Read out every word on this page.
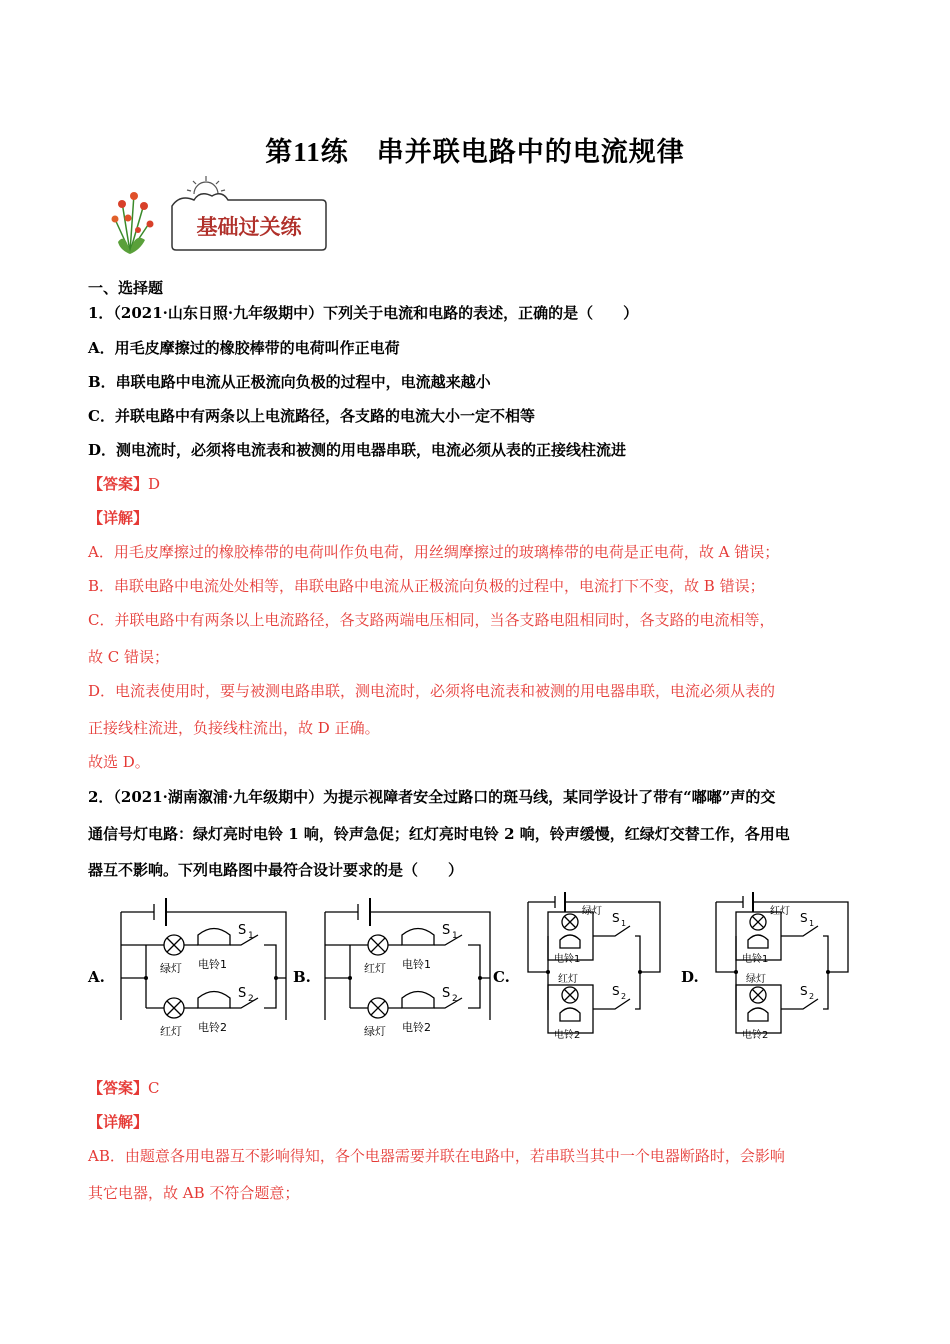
第11练　串并联电路中的电流规律
基础过关练
一、选择题
1．（2021·山东日照·九年级期中）下列关于电流和电路的表述，正确的是（　　）
A．用毛皮摩擦过的橡胶棒带的电荷叫作正电荷
B．串联电路中电流从正极流向负极的过程中，电流越来越小
C．并联电路中有两条以上电流路径，各支路的电流大小一定不相等
D．测电流时，必须将电流表和被测的用电器串联，电流必须从表的正接线柱流进
【答案】D
【详解】
A．用毛皮摩擦过的橡胶棒带的电荷叫作负电荷，用丝绸摩擦过的玻璃棒带的电荷是正电荷，故 A 错误；
B．串联电路中电流处处相等，串联电路中电流从正极流向负极的过程中，电流打下不变，故 B 错误；
C．并联电路中有两条以上电流路径，各支路两端电压相同，当各支路电阻相同时，各支路的电流相等，
故 C 错误；
D．电流表使用时，要与被测电路串联，测电流时，必须将电流表和被测的用电器串联，电流必须从表的
正接线柱流进，负接线柱流出，故 D 正确。
故选 D。
2．（2021·湖南溆浦·九年级期中）为提示视障者安全过路口的斑马线，某同学设计了带有“嘟嘟”声的交
通信号灯电路：绿灯亮时电铃 1 响，铃声急促；红灯亮时电铃 2 响，铃声缓慢，红绿灯交替工作，各用电
器互不影响。下列电路图中最符合设计要求的是（　　）
A.	B.	C.	D.
绿灯 电铃1
红灯 电铃2
S 1
S 2
红灯 电铃1
绿灯 电铃2
S 1
S 2
绿灯
电铃1
红灯
电铃2
S 1
S 2
红灯
电铃1
绿灯
电铃2
S 1
S 2
【答案】C
【详解】
AB．由题意各用电器互不影响得知，各个电器需要并联在电路中，若串联当其中一个电器断路时，会影响
其它电器，故 AB 不符合题意；
